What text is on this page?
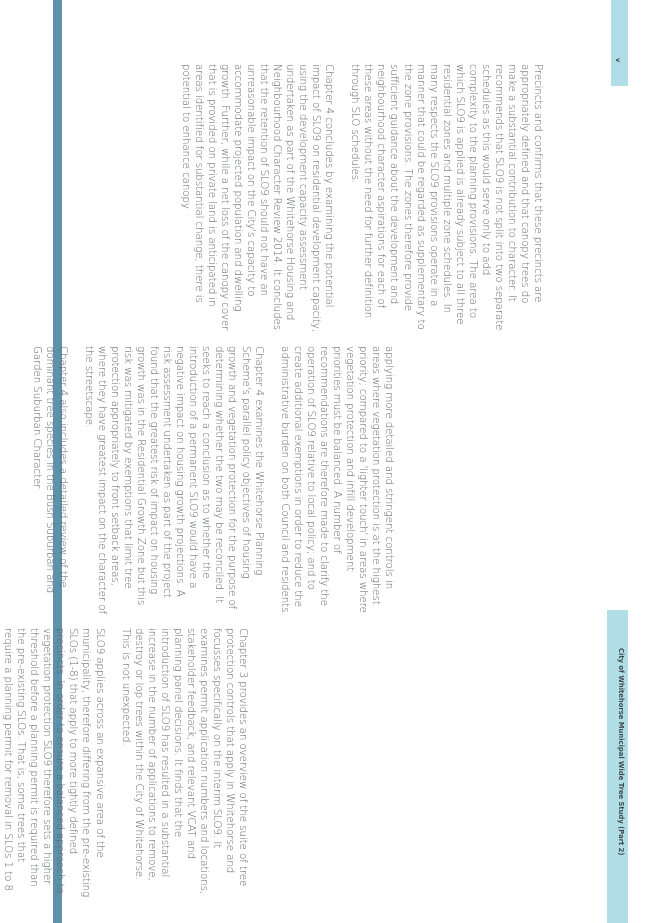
Chapter 3 provides an overview of the suite of tree protection controls that apply in Whitehorse and focusses specifically on the interim SLO9. It examines permit application numbers and locations, stakeholder feedback, and relevant VCAT and planning panel decisions. It finds that the introduction of SLO9 has resulted in a substantial increase in the number of applications to remove, destroy or lop trees within the City of Whitehorse. This is not unexpected.

SLO9 applies across an expansive area of the municipality, therefore differing from the pre-existing SLOs (1-8) that apply to more tightly defined precincts. In order to ensure a balanced approach to vegetation protection SLO9 therefore sets a higher threshold before a planning permit is required than the pre-existing SLOs. That is, some trees that require a planning permit for removal in SLOs 1 to 8

applying more detailed and stringent controls in areas where vegetation protection is at the highest priority; compared to a 'lighter touch' in areas where vegetation protection and infill development priorities must be balanced. A number of recommendations are therefore made to clarify the operation of SLO9 relative to local policy; and to create additional exemptions in order to reduce the administrative burden on both Council and residents.

Chapter 4 examines the Whitehorse Planning Scheme's parallel policy objectives of housing growth and vegetation protection for the purpose of determining whether the two may be reconciled. It seeks to reach a conclusion as to whether the introduction of a permanent SLO9 would have a negative impact on housing growth projections. A risk assessment undertaken as part of the project found that the greatest risk of impact on housing growth was in the Residential Growth Zone but this risk was mitigated by exemptions that limit tree protection appropriately to front setback areas, where they have greatest impact on the character of the streetscape.

Chapter 4 also includes a detailed review of the dominant tree species in the Bush Suburban and Garden Suburban Character

Precincts and confirms that these precincts are appropriately defined and that canopy trees do make a substantial contribution to character. It recommends that SLO9 is not split into two separate schedules as this would serve only to add complexity to the planning provisions. The area to which SLO9 is applied is already subject to all three residential zones and multiple zone schedules. In many respects the SLO9 provisions operate in a manner that could be regarded as supplementary to the zone provisions. The zones therefore provide sufficient guidance about the development and neighbourhood character aspirations for each of these areas without the need for further definition through SLO schedules.

Chapter 4 concludes by examining the potential impact of SLO9 on residential development capacity, using the development capacity assessment undertaken as part of the Whitehorse Housing and Neighbourhood Character Review 2014. It concludes that the retention of SLO9 should not have an unreasonable impact on the City's capacity to accommodate projected population and dwelling growth. Further, while a net loss of the canopy cover that is provided on private land is anticipated in areas identified for substantial change, there is potential to enhance canopy

City of Whitehorse Municipal Wide Tree Study (Part 2)
v
